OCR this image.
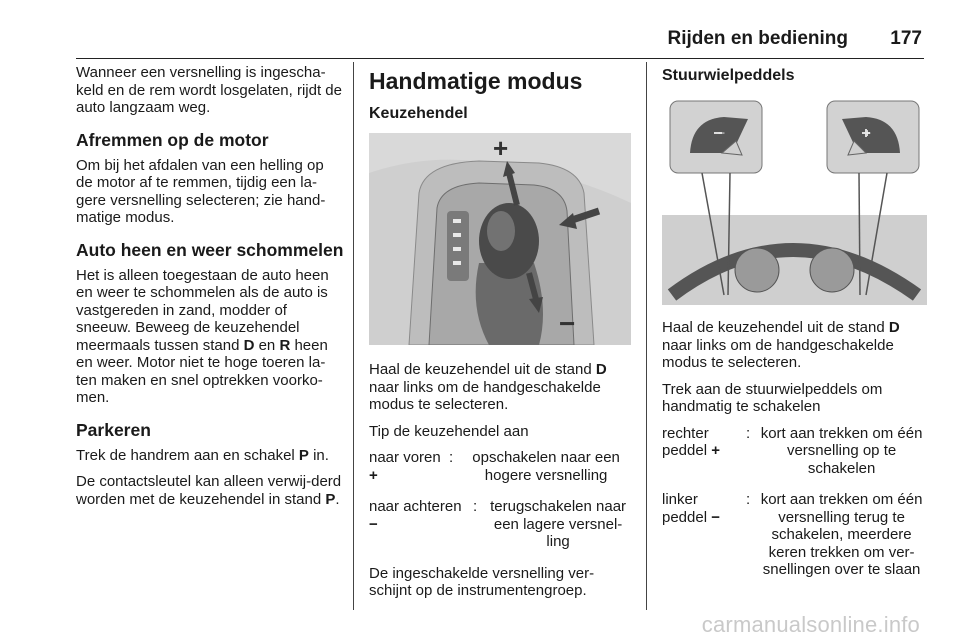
Rijden en bediening 177

Wanneer een versnelling is ingescha-keld en de rem wordt losgelaten, rijdt de auto langzaam weg.

Afremmen op de motor

Om bij het afdalen van een helling op de motor af te remmen, tijdig een la-gere versnelling selecteren; zie hand-matige modus.

Auto heen en weer schommelen

Het is alleen toegestaan de auto heen en weer te schommelen als de auto is vastgereden in zand, modder of sneeuw. Beweeg de keuzehendel meermaals tussen stand D en R heen en weer. Motor niet te hoge toeren la-ten maken en snel optrekken voorko-men.

Parkeren

Trek de handrem aan en schakel P in.

De contactsleutel kan alleen verwij-derd worden met de keuzehendel in stand P.

Handmatige modus
Keuzehendel
+
−

Haal de keuzehendel uit de stand D naar links om de handgeschakelde modus te selecteren.

Tip de keuzehendel aan

naar voren +
:	opschakelen naar een hogere versnelling
naar achteren −
: terugschakelen naar een lagere versnel-ling

De ingeschakelde versnelling ver-schijnt op de instrumentengroep.

Stuurwielpeddels
−	+

Haal de keuzehendel uit de stand D naar links om de handgeschakelde modus te selecteren.

Trek aan de stuurwielpeddels om handmatig te schakelen

rechter peddel +
: kort aan trekken om één versnelling op te schakelen
linker peddel −
: kort aan trekken om één versnelling terug te schakelen, meerdere keren trekken om ver-snellingen over te slaan
carmanualsonline.info
